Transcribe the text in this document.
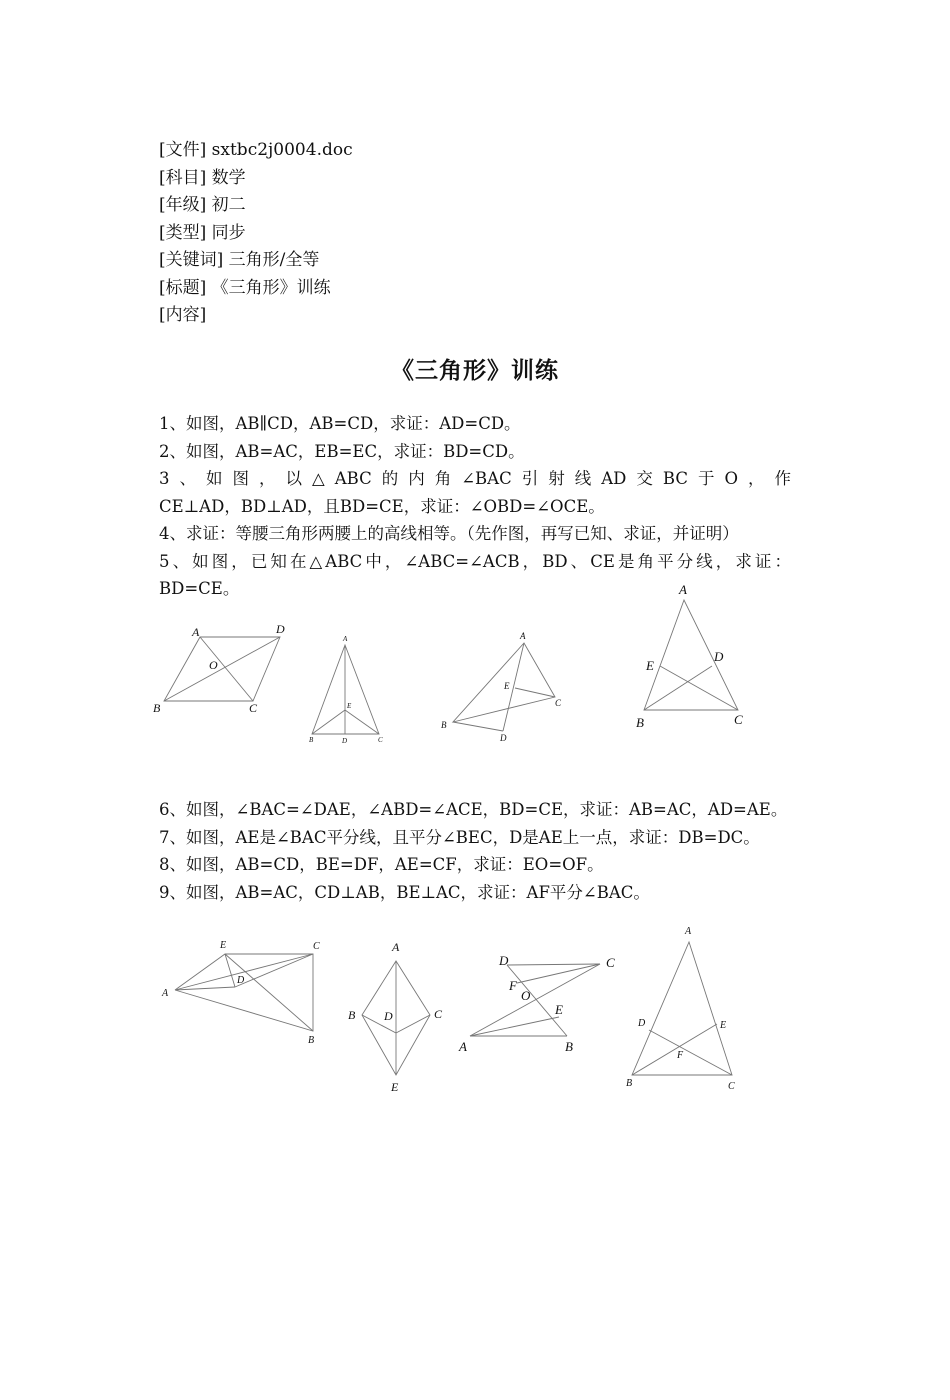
[文件] sxtbc2j0004.doc
[科目] 数学
[年级] 初二
[类型] 同步
[关键词] 三角形/全等
[标题] 《三角形》训练
[内容]
《三角形》训练

1、如图，AB∥CD，AB=CD，求证：AD=CD。

2、如图，AB=AC，EB=EC，求证：BD=CD。

3、如图，以△ABC的内角∠BAC引射线AD交BC于O，作

CE⊥AD，BD⊥AD，且BD=CE，求证：∠OBD=∠OCE。

4、求证：等腰三角形两腰上的高线相等。（先作图，再写已知、求证，并证明）

5、如图，已知在△ABC中，∠ABC=∠ACB，BD、CE是角平分线，求证：

BD=CE。

A	D
O
B	C
A
E
B	D	C
A
E
C
B
D
A
E
D
B	C

6、如图，∠BAC=∠DAE，∠ABD=∠ACE，BD=CE，求证：AB=AC，AD=AE。

7、如图，AE是∠BAC平分线，且平分∠BEC，D是AE上一点，求证：DB=DC。

8、如图，AB=CD，BE=DF，AE=CF，求证：EO=OF。

9、如图，AB=AC，CD⊥AB，BE⊥AC，求证：AF平分∠BAC。

E	C
A
D
B
A
B D	C
E
D	C
F
O
E
A	B
A
D	E
F
B	C
